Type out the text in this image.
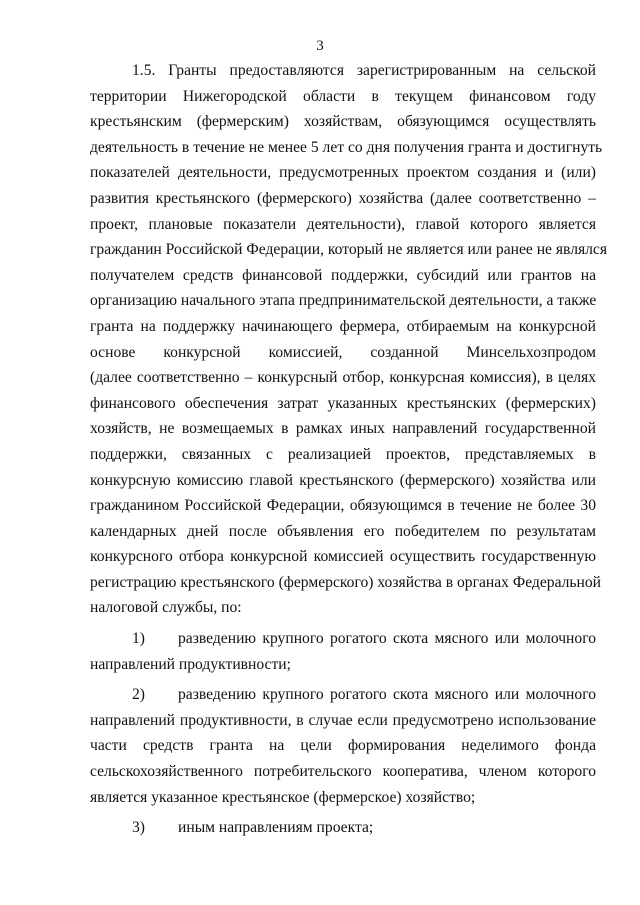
3
1.5. Гранты предоставляются зарегистрированным на сельской
территории Нижегородской области в текущем финансовом году
крестьянским (фермерским) хозяйствам, обязующимся осуществлять
деятельность в течение не менее 5 лет со дня получения гранта и достигнуть
показателей деятельности, предусмотренных проектом создания и (или)
развития крестьянского (фермерского) хозяйства (далее соответственно –
проект, плановые показатели деятельности), главой которого является
гражданин Российской Федерации, который не является или ранее не являлся
получателем средств финансовой поддержки, субсидий или грантов на
организацию начального этапа предпринимательской деятельности, а также
гранта на поддержку начинающего фермера, отбираемым на конкурсной
основе конкурсной комиссией, созданной Минсельхозпродом
(далее соответственно – конкурсный отбор, конкурсная комиссия), в целях
финансового обеспечения затрат указанных крестьянских (фермерских)
хозяйств, не возмещаемых в рамках иных направлений государственной
поддержки, связанных с реализацией проектов, представляемых в
конкурсную комиссию главой крестьянского (фермерского) хозяйства или
гражданином Российской Федерации, обязующимся в течение не более 30
календарных дней после объявления его победителем по результатам
конкурсного отбора конкурсной комиссией осуществить государственную
регистрацию крестьянского (фермерского) хозяйства в органах Федеральной
налоговой службы, по:
1) разведению крупного рогатого скота мясного или молочного
направлений продуктивности;
2) разведению крупного рогатого скота мясного или молочного
направлений продуктивности, в случае если предусмотрено использование
части средств гранта на цели формирования неделимого фонда
сельскохозяйственного потребительского кооператива, членом которого
является указанное крестьянское (фермерское) хозяйство;
3) иным направлениям проекта;
